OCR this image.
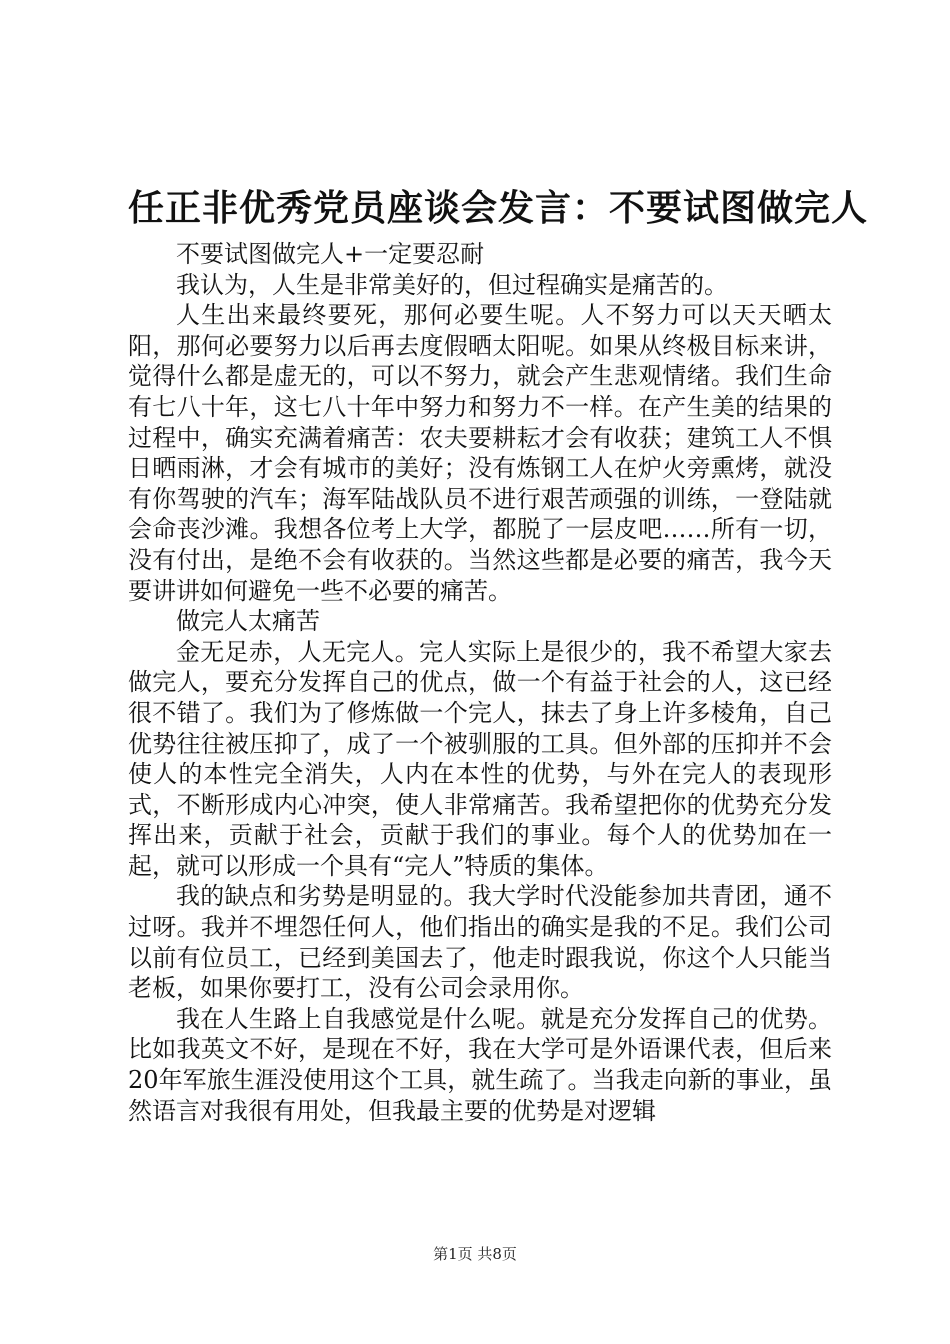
任正非优秀党员座谈会发言：不要试图做完人

不要试图做完人+一定要忍耐

我认为，人生是非常美好的，但过程确实是痛苦的。

人生出来最终要死，那何必要生呢。人不努力可以天天晒太阳，那何必要努力以后再去度假晒太阳呢。如果从终极目标来讲，觉得什么都是虚无的，可以不努力，就会产生悲观情绪。我们生命有七八十年，这七八十年中努力和努力不一样。在产生美的结果的过程中，确实充满着痛苦：农夫要耕耘才会有收获；建筑工人不惧日晒雨淋，才会有城市的美好；没有炼钢工人在炉火旁熏烤，就没有你驾驶的汽车；海军陆战队员不进行艰苦顽强的训练，一登陆就会命丧沙滩。我想各位考上大学，都脱了一层皮吧……所有一切，没有付出，是绝不会有收获的。当然这些都是必要的痛苦，我今天要讲讲如何避免一些不必要的痛苦。

做完人太痛苦

金无足赤，人无完人。完人实际上是很少的，我不希望大家去做完人，要充分发挥自己的优点，做一个有益于社会的人，这已经很不错了。我们为了修炼做一个完人，抹去了身上许多棱角，自己优势往往被压抑了，成了一个被驯服的工具。但外部的压抑并不会使人的本性完全消失，人内在本性的优势，与外在完人的表现形式，不断形成内心冲突，使人非常痛苦。我希望把你的优势充分发挥出来，贡献于社会，贡献于我们的事业。每个人的优势加在一起，就可以形成一个具有“完人”特质的集体。

我的缺点和劣势是明显的。我大学时代没能参加共青团，通不过呀。我并不埋怨任何人，他们指出的确实是我的不足。我们公司以前有位员工，已经到美国去了，他走时跟我说，你这个人只能当老板，如果你要打工，没有公司会录用你。

我在人生路上自我感觉是什么呢。就是充分发挥自己的优势。比如我英文不好，是现在不好，我在大学可是外语课代表，但后来20年军旅生涯没使用这个工具，就生疏了。当我走向新的事业，虽然语言对我很有用处，但我最主要的优势是对逻辑

第1页 共8页
